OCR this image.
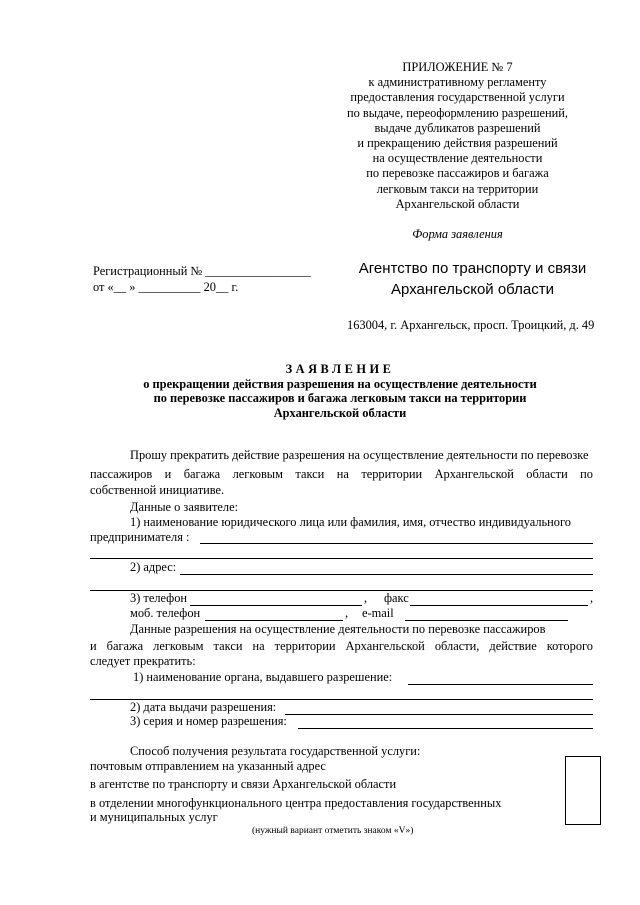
ПРИЛОЖЕНИЕ № 7
к административному регламенту
предоставления государственной услуги
по выдаче, переоформлению разрешений,
выдаче дубликатов разрешений
и прекращению действия разрешений
на осуществление деятельности
по перевозке пассажиров и багажа
легковым такси на территории
Архангельской области
Форма заявления
Регистрационный № _________________
от «__ » __________ 20__ г.
Агентство по транспорту и связи
Архангельской области
163004, г. Архангельск, просп. Троицкий, д. 49
ЗАЯВЛЕНИЕ
о прекращении действия разрешения на осуществление деятельности
по перевозке пассажиров и багажа легковым такси на территории
Архангельской области
Прошу прекратить действие разрешения на осуществление деятельности по перевозке
пассажиров и багажа легковым такси на территории Архангельской области по
собственной инициативе.
Данные о заявителе:
1) наименование юридического лица или фамилия, имя, отчество индивидуального
предпринимателя :
2) адрес:
3) телефон	, факс	,
моб. телефон	, e-mail
Данные разрешения на осуществление деятельности по перевозке пассажиров
и багажа легковым такси на территории Архангельской области, действие которого
следует прекратить:
1) наименование органа, выдавшего разрешение:
2) дата выдачи разрешения:
3) серия и номер разрешения:
Способ получения результата государственной услуги:
почтовым отправлением на указанный адрес
в агентстве по транспорту и связи Архангельской области
в отделении многофункционального центра предоставления государственных
и муниципальных услуг
(нужный вариант отметить знаком «V»)
